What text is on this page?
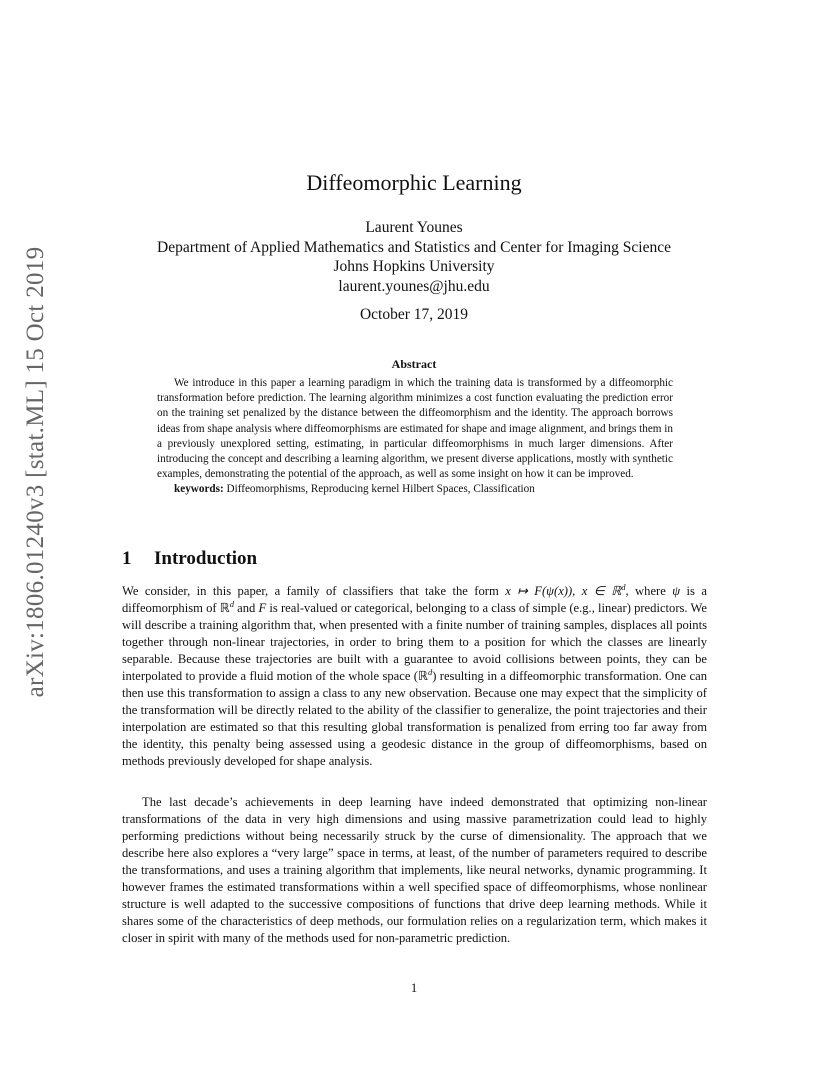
arXiv:1806.01240v3 [stat.ML] 15 Oct 2019
Diffeomorphic Learning
Laurent Younes
Department of Applied Mathematics and Statistics and Center for Imaging Science
Johns Hopkins University
laurent.younes@jhu.edu
October 17, 2019
Abstract

We introduce in this paper a learning paradigm in which the training data is transformed by a diffeomorphic transformation before prediction. The learning algorithm minimizes a cost function evaluating the prediction error on the training set penalized by the distance between the diffeomorphism and the identity. The approach borrows ideas from shape analysis where diffeomorphisms are estimated for shape and image alignment, and brings them in a previously unexplored setting, estimating, in particular diffeomorphisms in much larger dimensions. After introducing the concept and describing a learning algorithm, we present diverse applications, mostly with synthetic examples, demonstrating the potential of the approach, as well as some insight on how it can be improved.

keywords: Diffeomorphisms, Reproducing kernel Hilbert Spaces, Classification

1 Introduction

We consider, in this paper, a family of classifiers that take the form x ↦ F(ψ(x)), x ∈ ℝ$^d$, where ψ is a diffeomorphism of ℝ$^d$ and F is real-valued or categorical, belonging to a class of simple (e.g., linear) predictors. We will describe a training algorithm that, when presented with a finite number of training samples, displaces all points together through non-linear trajectories, in order to bring them to a position for which the classes are linearly separable. Because these trajectories are built with a guarantee to avoid collisions between points, they can be interpolated to provide a fluid motion of the whole space (ℝ$^d$) resulting in a diffeomorphic transformation. One can then use this transformation to assign a class to any new observation. Because one may expect that the simplicity of the transformation will be directly related to the ability of the classifier to generalize, the point trajectories and their interpolation are estimated so that this resulting global transformation is penalized from erring too far away from the identity, this penalty being assessed using a geodesic distance in the group of diffeomorphisms, based on methods previously developed for shape analysis.

The last decade’s achievements in deep learning have indeed demonstrated that optimizing non-linear transformations of the data in very high dimensions and using massive parametrization could lead to highly performing predictions without being necessarily struck by the curse of dimensionality. The approach that we describe here also explores a “very large” space in terms, at least, of the number of parameters required to describe the transformations, and uses a training algorithm that implements, like neural networks, dynamic programming. It however frames the estimated transformations within a well specified space of diffeomorphisms, whose nonlinear structure is well adapted to the successive compositions of functions that drive deep learning methods. While it shares some of the characteristics of deep methods, our formulation relies on a regularization term, which makes it closer in spirit with many of the methods used for non-parametric prediction.

1
